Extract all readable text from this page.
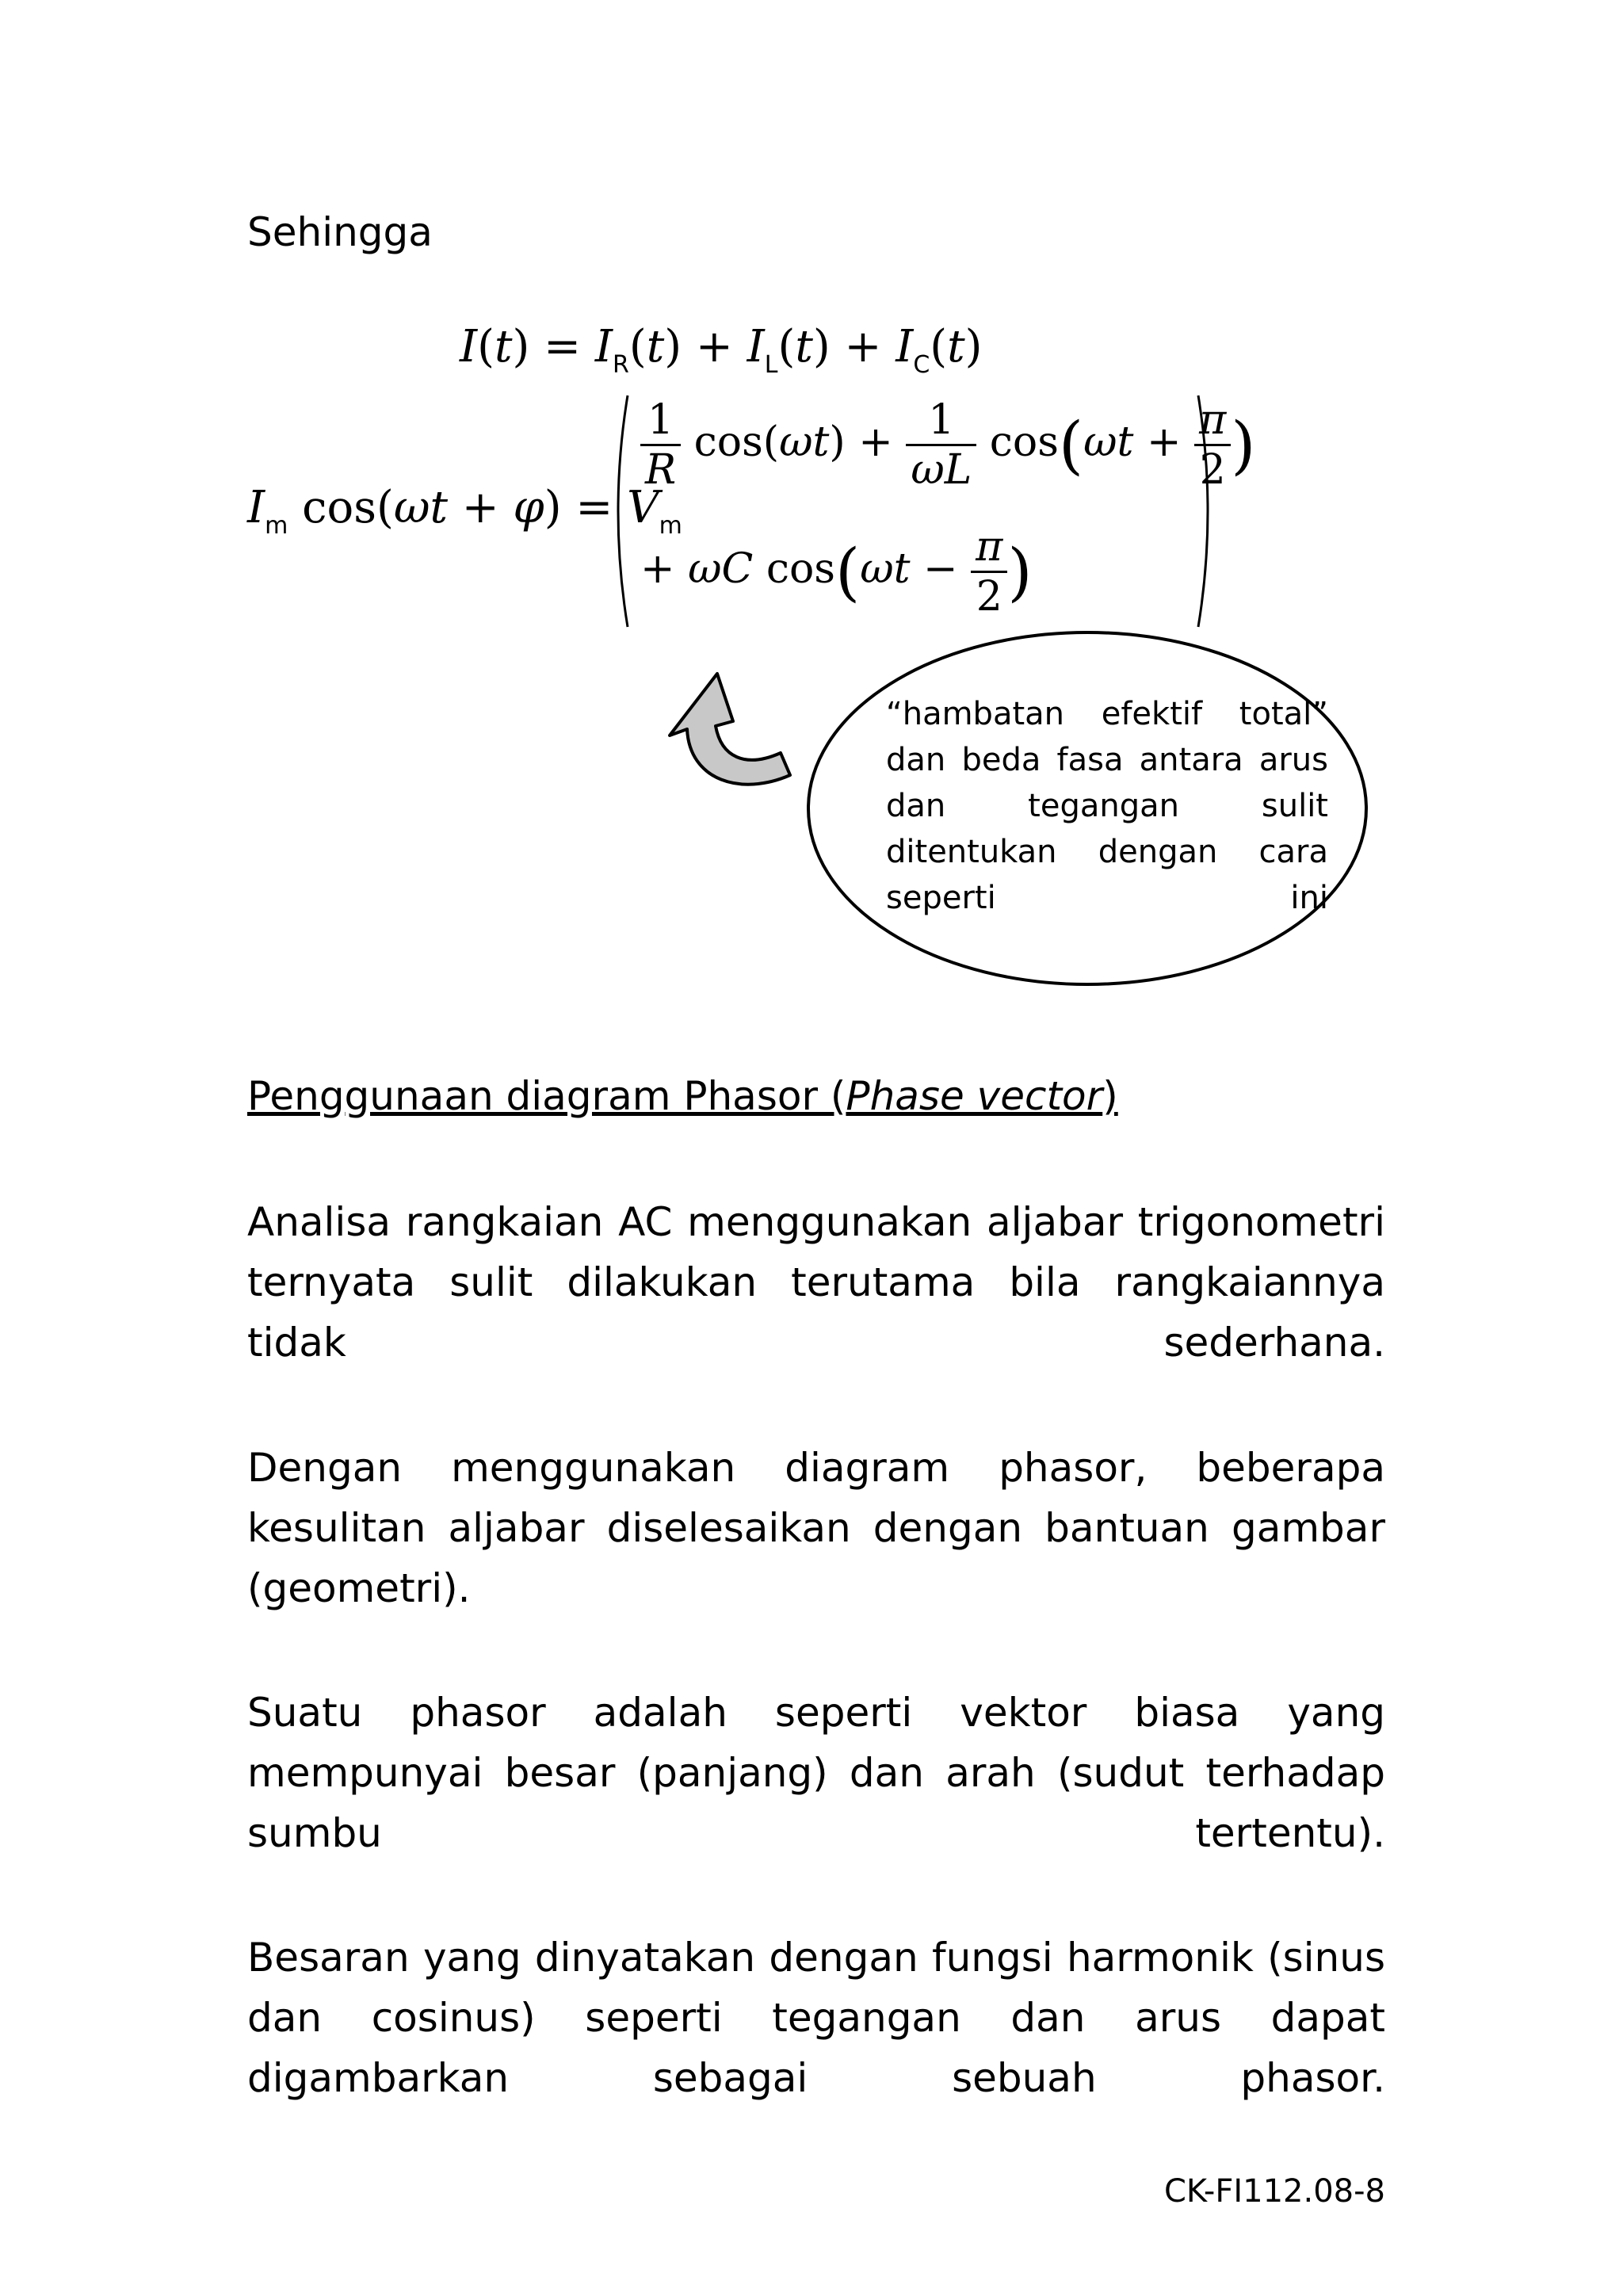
Sehingga
$I(t) = I_R(t) + I_L(t) + I_C(t)$
$I_m$ $\cos(\omega t + \varphi) = V_m$
$\frac{1}{R} \cos(\omega t) + \frac{1}{\omega L} \cos(\omega t + \frac{\pi}{2}$ )
+ ωC $\cos(\omega t - \frac{\pi}{2}$ )
“hambatan efektif total” dan beda fasa antara arus dan tegangan sulit ditentukan dengan cara seperti ini
Penggunaan diagram Phasor (Phase vector)
Analisa rangkaian AC menggunakan aljabar trigonometri ternyata sulit dilakukan terutama bila rangkaiannya tidak sederhana.
Dengan menggunakan diagram phasor, beberapa kesulitan aljabar diselesaikan dengan bantuan gambar (geometri).
Suatu phasor adalah seperti vektor biasa yang mempunyai besar (panjang) dan arah (sudut terhadap sumbu tertentu).
Besaran yang dinyatakan dengan fungsi harmonik (sinus dan cosinus) seperti tegangan dan arus dapat digambarkan sebagai sebuah phasor.
CK-FI112.08-8
